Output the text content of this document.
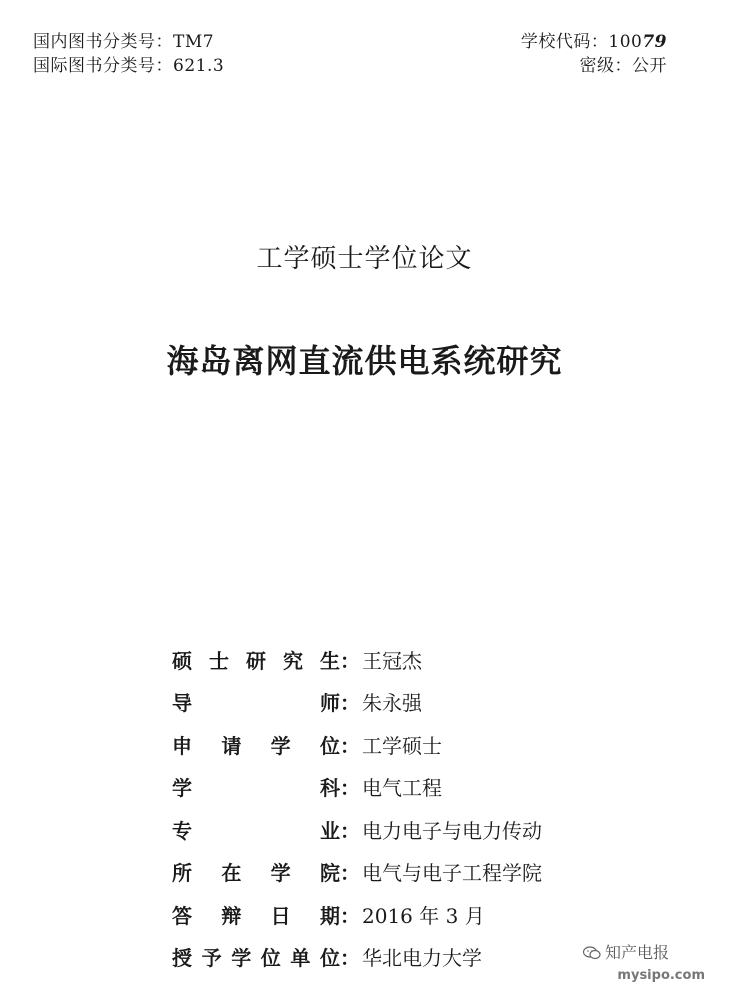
国内图书分类号：TM7
国际图书分类号：621.3
学校代码：10079
密级：公开
工学硕士学位论文
海岛离网直流供电系统研究
硕 士 研 究 生 ： 王冠杰
导	师 ： 朱永强
申 请 学 位 ： 工学硕士
学	科 ： 电气工程
专	业 ： 电力电子与电力传动
所 在 学 院 ： 电气与电子工程学院
答 辩 日 期 ： 2016 年 3 月
授 予 学 位 单 位 ： 华北电力大学	知产电报
mysipo.com
